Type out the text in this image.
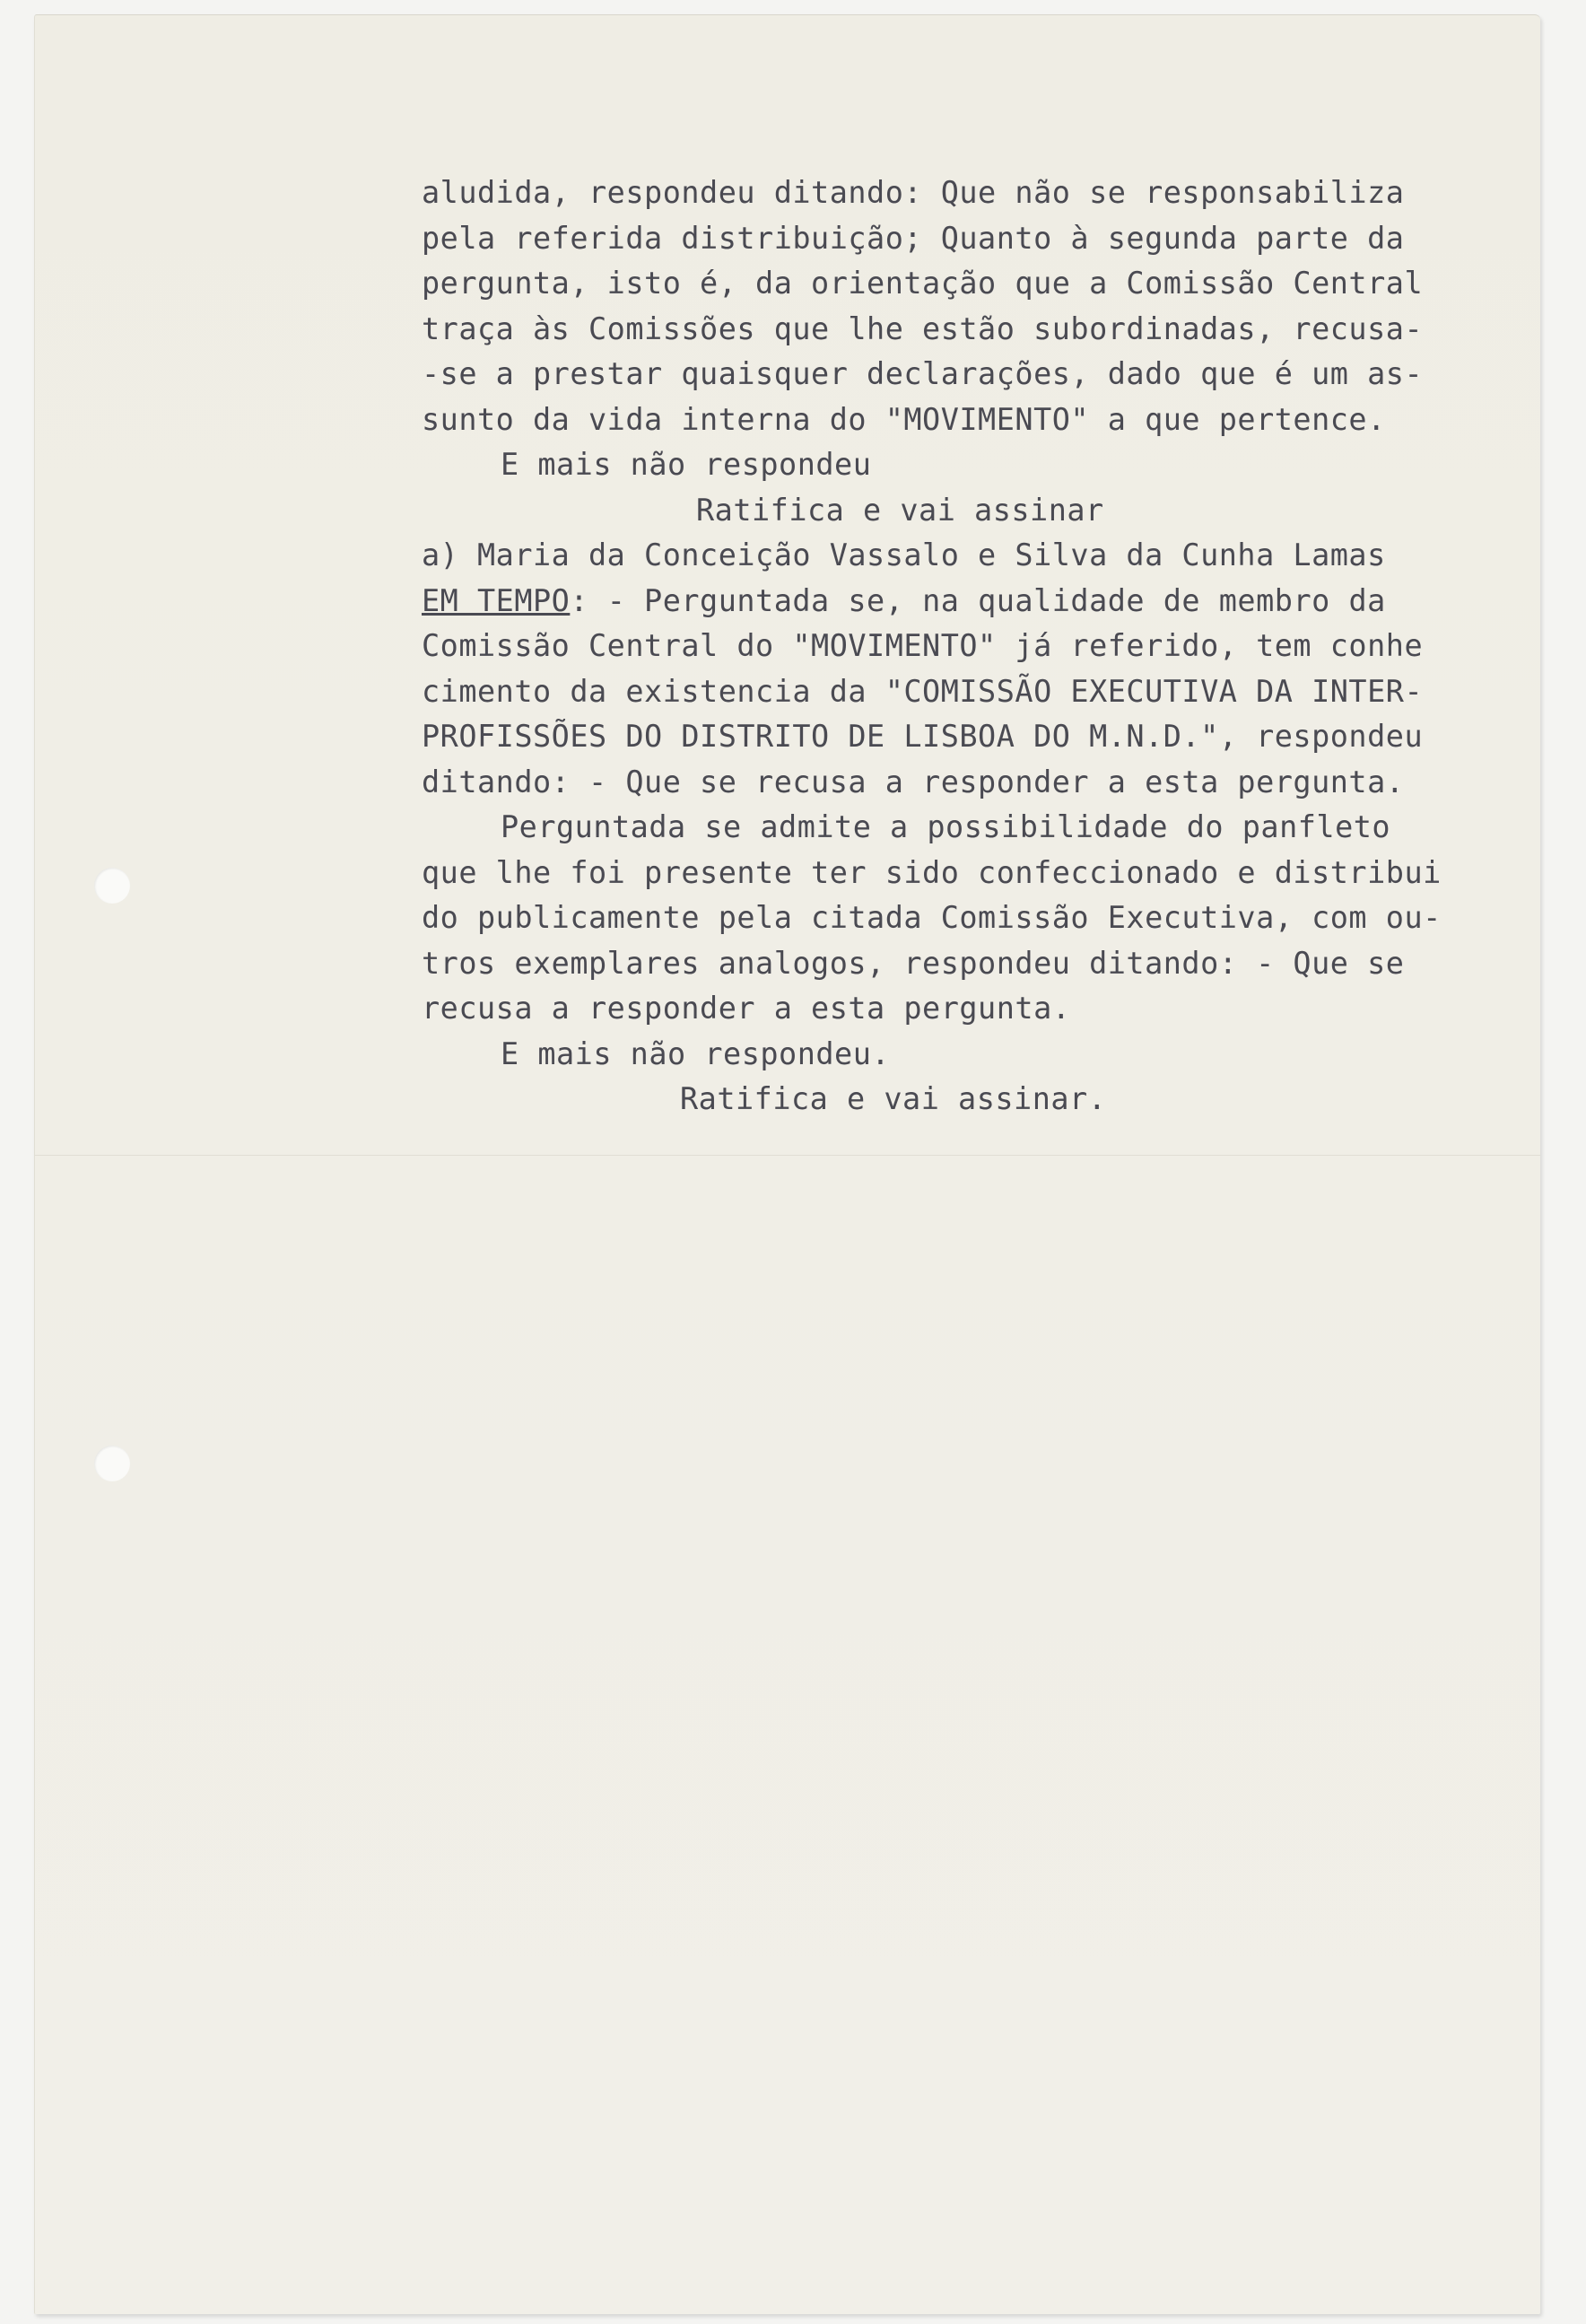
aludida, respondeu ditando: Que não se responsabiliza
pela referida distribuição; Quanto à segunda parte da
pergunta, isto é, da orientação que a Comissão Central
traça às Comissões que lhe estão subordinadas, recusa-
-se a prestar quaisquer declarações, dado que é um as-
sunto da vida interna do "MOVIMENTO" a que pertence.
E mais não respondeu
Ratifica e vai assinar
a) Maria da Conceição Vassalo e Silva da Cunha Lamas
EM TEMPO: - Perguntada se, na qualidade de membro da
Comissão Central do "MOVIMENTO" já referido, tem conhe
cimento da existencia da "COMISSÃO EXECUTIVA DA INTER-
PROFISSÕES DO DISTRITO DE LISBOA DO M.N.D.", respondeu
ditando: - Que se recusa a responder a esta pergunta.
Perguntada se admite a possibilidade do panfleto
que lhe foi presente ter sido confeccionado e distribui
do publicamente pela citada Comissão Executiva, com ou-
tros exemplares analogos, respondeu ditando: - Que se
recusa a responder a esta pergunta.
E mais não respondeu.
Ratifica e vai assinar.
